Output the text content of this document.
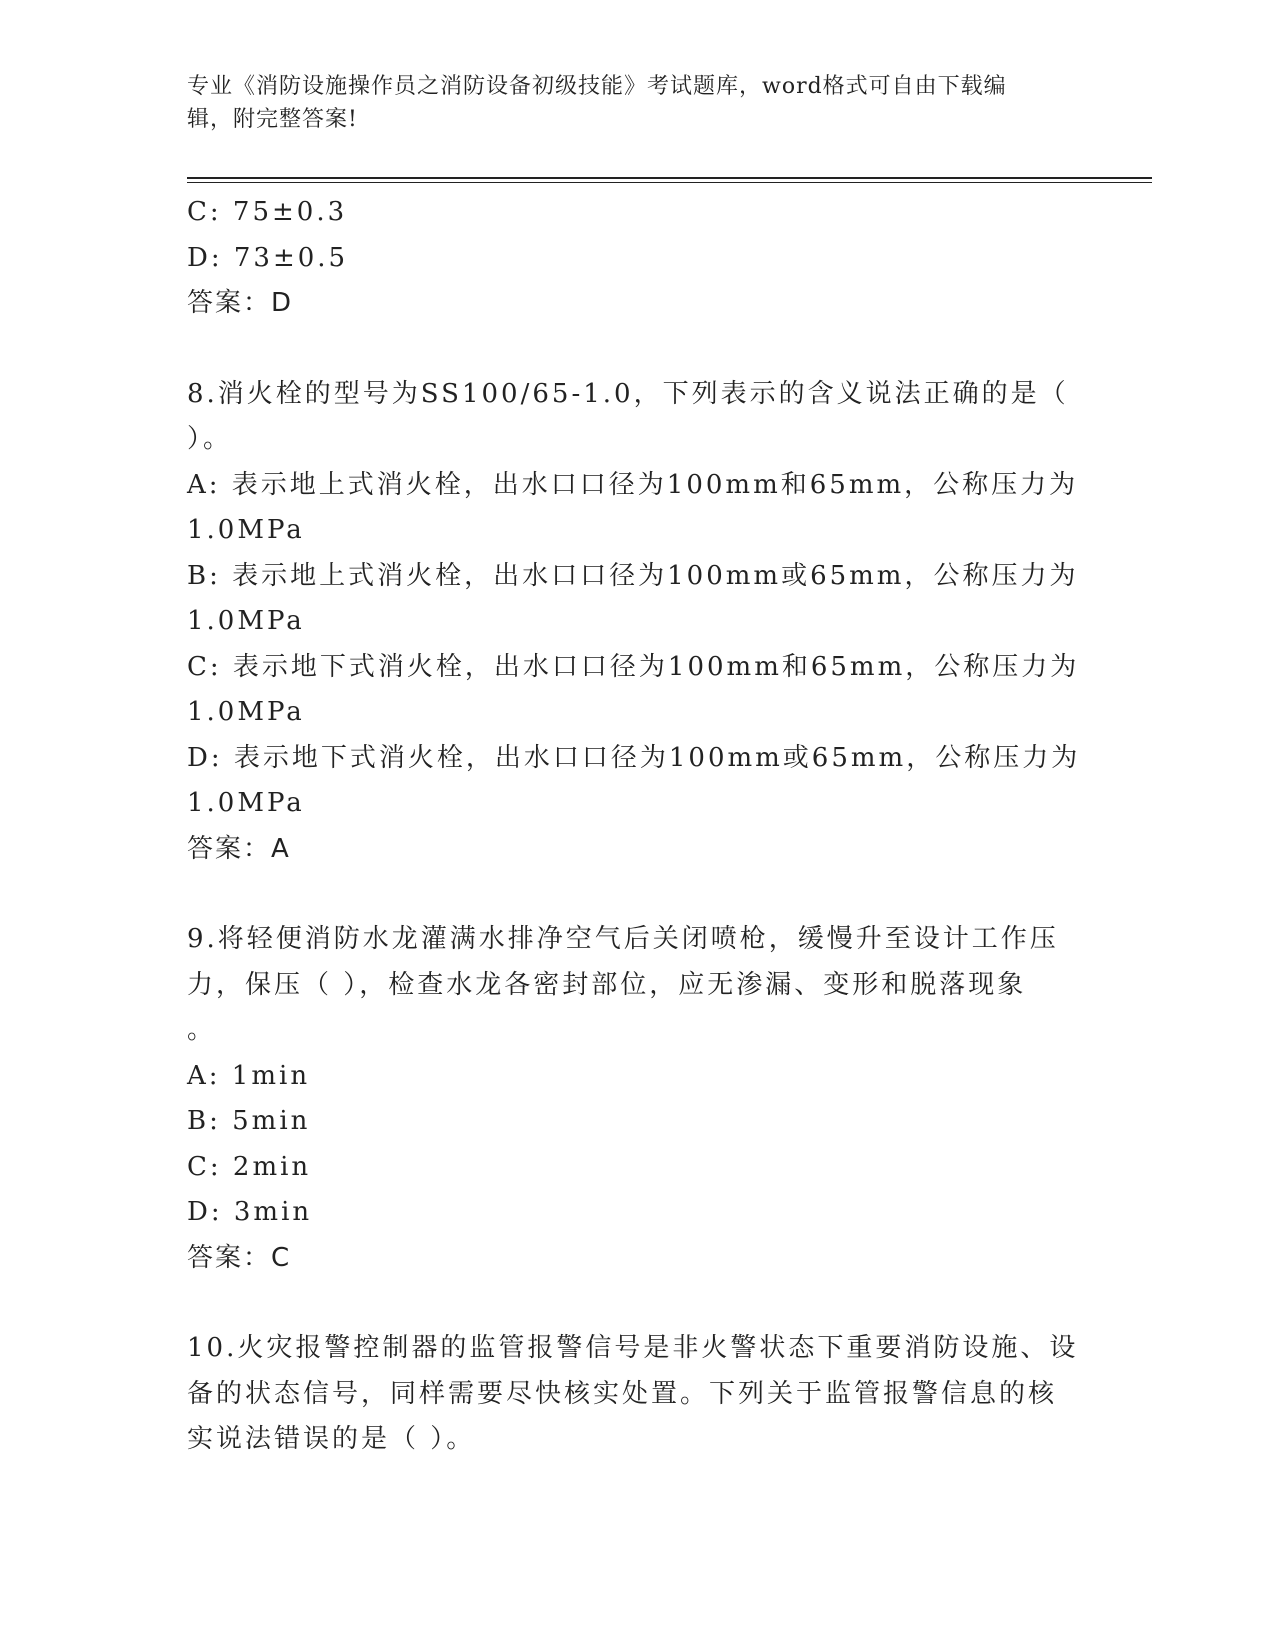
专业《消防设施操作员之消防设备初级技能》考试题库，word格式可自由下载编
辑，附完整答案!
C: 75±0.3
D: 73±0.5
答案：D
8.消火栓的型号为SS100/65-1.0，下列表示的含义说法正确的是（
）。
A: 表示地上式消火栓，出水口口径为100mm和65mm，公称压力为
1.0MPa
B: 表示地上式消火栓，出水口口径为100mm或65mm，公称压力为
1.0MPa
C: 表示地下式消火栓，出水口口径为100mm和65mm，公称压力为
1.0MPa
D: 表示地下式消火栓，出水口口径为100mm或65mm，公称压力为
1.0MPa
答案：A
9.将轻便消防水龙灌满水排净空气后关闭喷枪，缓慢升至设计工作压
力，保压（ ），检查水龙各密封部位，应无渗漏、变形和脱落现象
。
A: 1min
B: 5min
C: 2min
D: 3min
答案：C
10.火灾报警控制器的监管报警信号是非火警状态下重要消防设施、设
备的状态信号，同样需要尽快核实处置。下列关于监管报警信息的核
实说法错误的是（ ）。
